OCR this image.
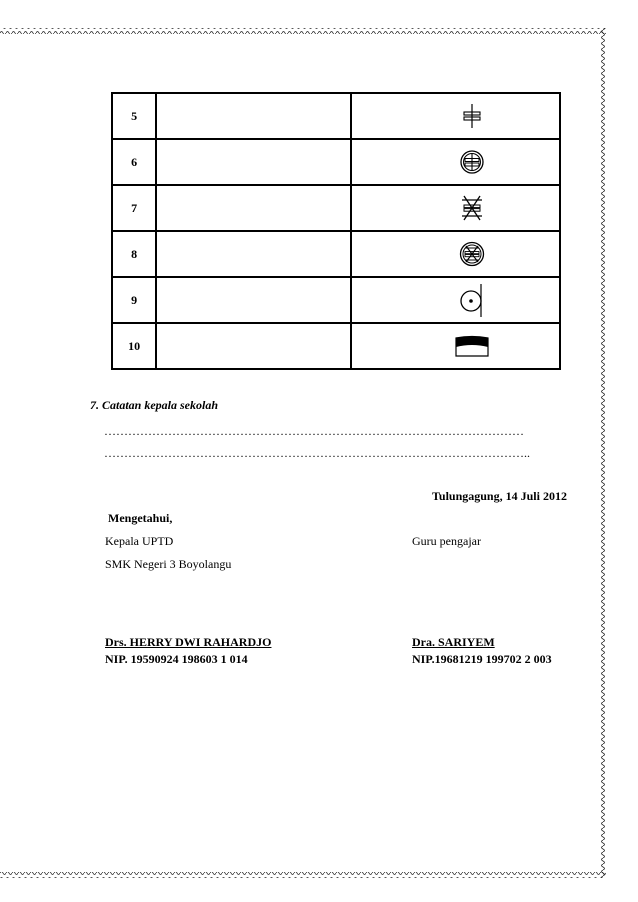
5		

6		

7		

8		

9		

10		
7. Catatan kepala sekolah
……………………………………………………………………………………………
……………………………………………………………………………………………..
Tulungagung, 14 Juli 2012
Mengetahui,
Kepala UPTD
SMK Negeri 3 Boyolangu
Drs. HERRY DWI RAHARDJO
NIP. 19590924 198603 1 014
Guru pengajar
Dra. SARIYEM
NIP.19681219 199702 2 003
